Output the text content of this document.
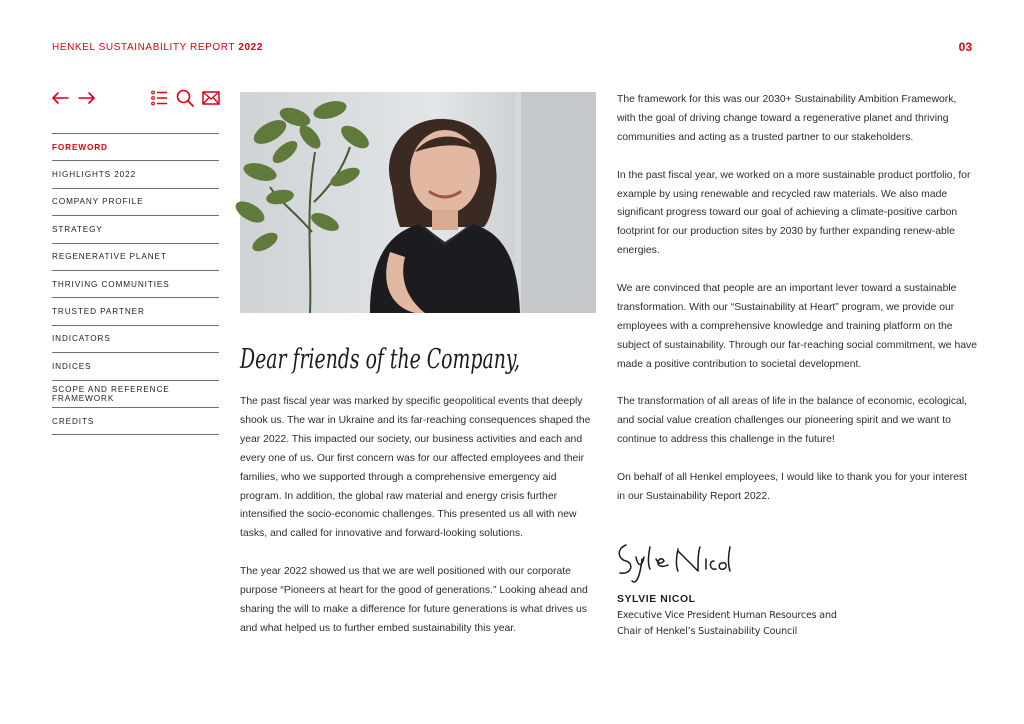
HENKEL SUSTAINABILITY REPORT 2022	03
FOREWORD
HIGHLIGHTS 2022
COMPANY PROFILE
STRATEGY
REGENERATIVE PLANET
THRIVING COMMUNITIES
TRUSTED PARTNER
INDICATORS
INDICES
SCOPE AND REFERENCE FRAMEWORK
CREDITS
Dear friends of the Company,

The past fiscal year was marked by specific geopolitical events that deeply shook us. The war in Ukraine and its far-reaching consequences shaped the year 2022. This impacted our society, our business activities and each and every one of us. Our first concern was for our affected employees and their families, who we supported through a comprehensive emergency aid program. In addition, the global raw material and energy crisis further intensified the socio-economic challenges. This presented us all with new tasks, and called for innovative and forward-looking solutions.

The year 2022 showed us that we are well positioned with our corporate purpose “Pioneers at heart for the good of generations.” Looking ahead and sharing the will to make a difference for future generations is what drives us and what helped us to further embed sustainability this year.

The framework for this was our 2030+ Sustainability Ambition Framework, with the goal of driving change toward a regenerative planet and thriving communities and acting as a trusted partner to our stakeholders.

In the past fiscal year, we worked on a more sustainable product portfolio, for example by using renewable and recycled raw materials. We also made significant progress toward our goal of achieving a climate-positive carbon footprint for our production sites by 2030 by further expanding renew-able energies.

We are convinced that people are an important lever toward a sustainable transformation. With our “Sustainability at Heart” program, we provide our employees with a comprehensive knowledge and training platform on the subject of sustainability. Through our far-reaching social commitment, we have made a positive contribution to societal development.

The transformation of all areas of life in the balance of economic, ecological, and social value creation challenges our pioneering spirit and we want to continue to address this challenge in the future!

On behalf of all Henkel employees, I would like to thank you for your interest in our Sustainability Report 2022.

SYLVIE NICOL
Executive Vice President Human Resources and
Chair of Henkel’s Sustainability Council
